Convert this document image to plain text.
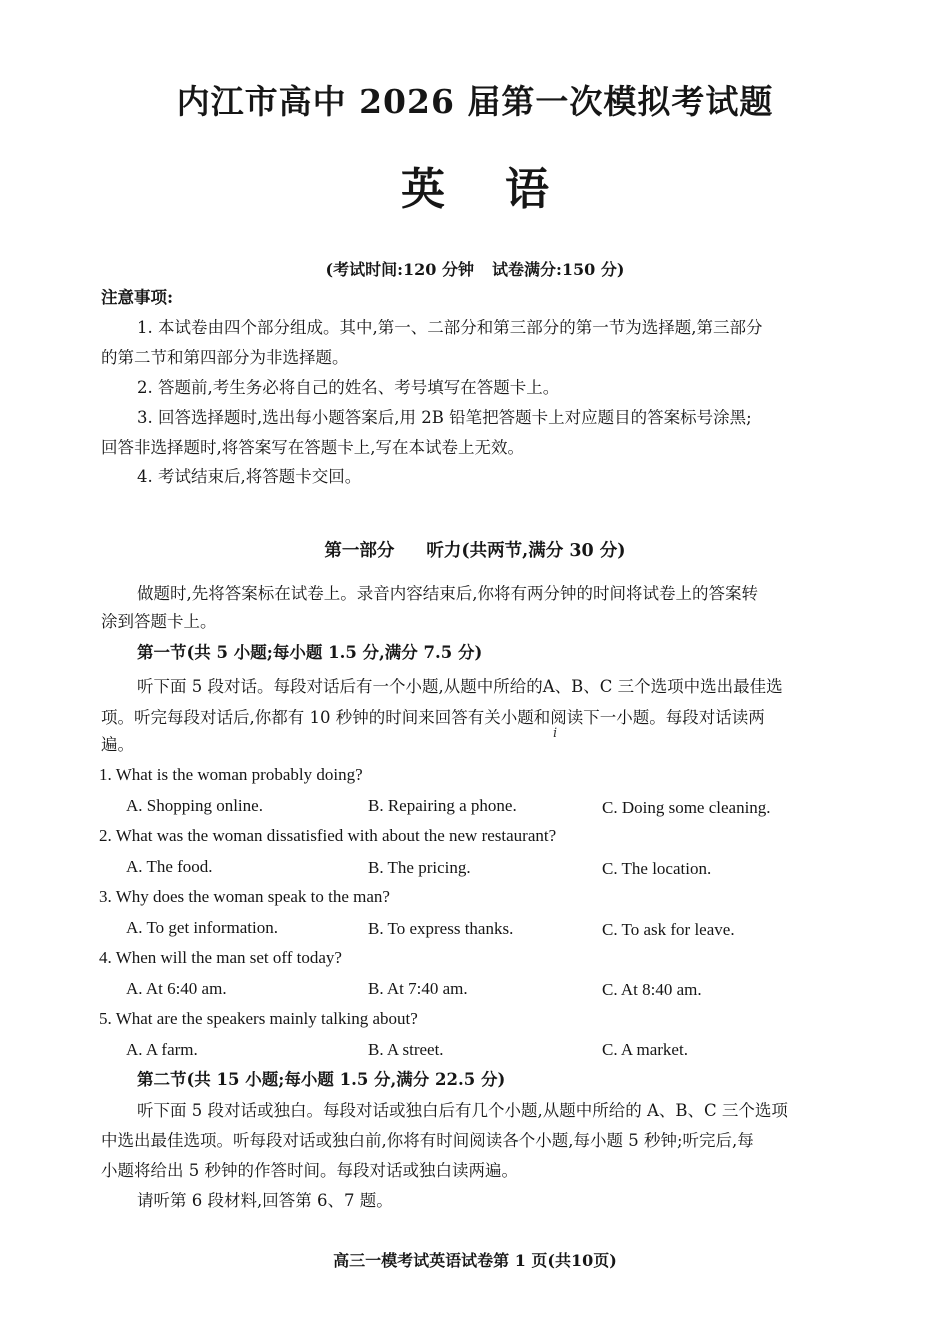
内江市高中 2026 届第一次模拟考试题
英 语
(考试时间:120 分钟 试卷满分:150 分)
注意事项:
1. 本试卷由四个部分组成。其中,第一、二部分和第三部分的第一节为选择题,第三部分
的第二节和第四部分为非选择题。
2. 答题前,考生务必将自己的姓名、考号填写在答题卡上。
3. 回答选择题时,选出每小题答案后,用 2B 铅笔把答题卡上对应题目的答案标号涂黑;
回答非选择题时,将答案写在答题卡上,写在本试卷上无效。
4. 考试结束后,将答题卡交回。
第一部分 听力(共两节,满分 30 分)
做题时,先将答案标在试卷上。录音内容结束后,你将有两分钟的时间将试卷上的答案转
涂到答题卡上。
第一节(共 5 小题;每小题 1.5 分,满分 7.5 分)
听下面 5 段对话。每段对话后有一个小题,从题中所给的A、B、C 三个选项中选出最佳选
项。听完每段对话后,你都有 10 秒钟的时间来回答有关小题和阅读下一小题。每段对话读两
遍。
i
1. What is the woman probably doing?
A. Shopping online.	B. Repairing a phone.	C. Doing some cleaning.
2. What was the woman dissatisfied with about the new restaurant?
A. The food.	B. The pricing.	C. The location.
3. Why does the woman speak to the man?
A. To get information.	B. To express thanks.	C. To ask for leave.
4. When will the man set off today?
A. At 6:40 am.	B. At 7:40 am.	C. At 8:40 am.
5. What are the speakers mainly talking about?
A. A farm.	B. A street.	C. A market.
第二节(共 15 小题;每小题 1.5 分,满分 22.5 分)
听下面 5 段对话或独白。每段对话或独白后有几个小题,从题中所给的 A、B、C 三个选项
中选出最佳选项。听每段对话或独白前,你将有时间阅读各个小题,每小题 5 秒钟;听完后,每
小题将给出 5 秒钟的作答时间。每段对话或独白读两遍。
请听第 6 段材料,回答第 6、7 题。
高三一模考试英语试卷第 1 页(共10页)
